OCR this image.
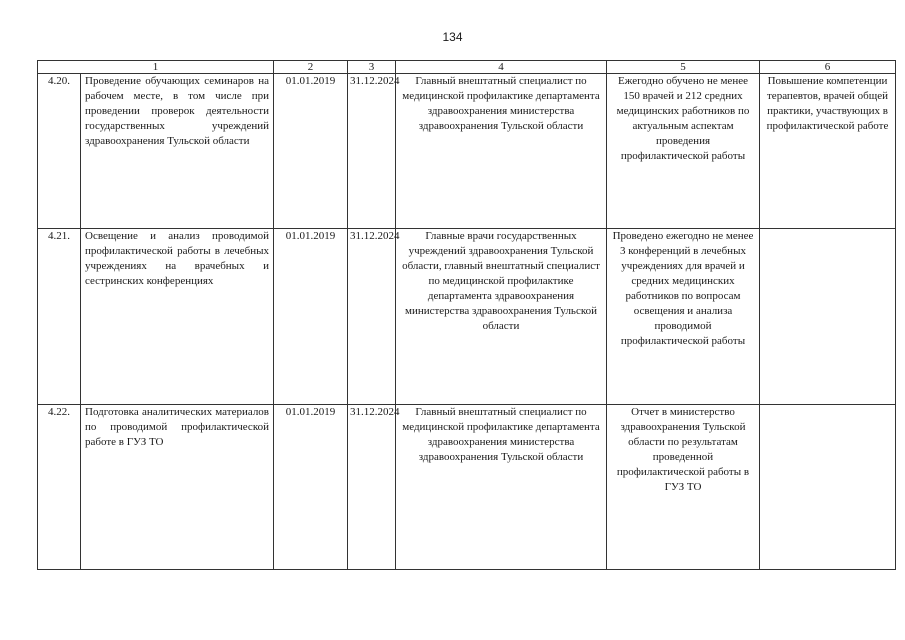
134
1		2	3	4	5	6
4.20.	Проведение обучающих семинаров на рабочем месте, в том числе при проведении проверок деятельности государственных учреждений здравоохранения Тульской области	01.01.2019	31.12.2024	Главный внештатный специалист по медицинской профилактике департамента здравоохранения министерства здравоохранения Тульской области	Ежегодно обучено не менее 150 врачей и 212 средних медицинских работников по актуальным аспектам проведения профилактической работы	Повышение компетенции терапевтов, врачей общей практики, участвующих в профилактической работе
4.21.	Освещение и анализ проводимой профилактической работы в лечебных учреждениях на врачебных и сестринских конференциях	01.01.2019	31.12.2024	Главные врачи государственных учреждений здравоохранения Тульской области, главный внештатный специалист по медицинской профилактике департамента здравоохранения министерства здравоохранения Тульской области	Проведено ежегодно не менее 3 конференций в лечебных учреждениях для врачей и средних медицинских работников по вопросам освещения и анализа проводимой профилактической работы	
4.22.	Подготовка аналитических материалов по проводимой профилактической работе в ГУЗ ТО	01.01.2019	31.12.2024	Главный внештатный специалист по медицинской профилактике департамента здравоохранения министерства здравоохранения Тульской области	Отчет в министерство здравоохранения Тульской области по результатам проведенной профилактической работы в ГУЗ ТО	
